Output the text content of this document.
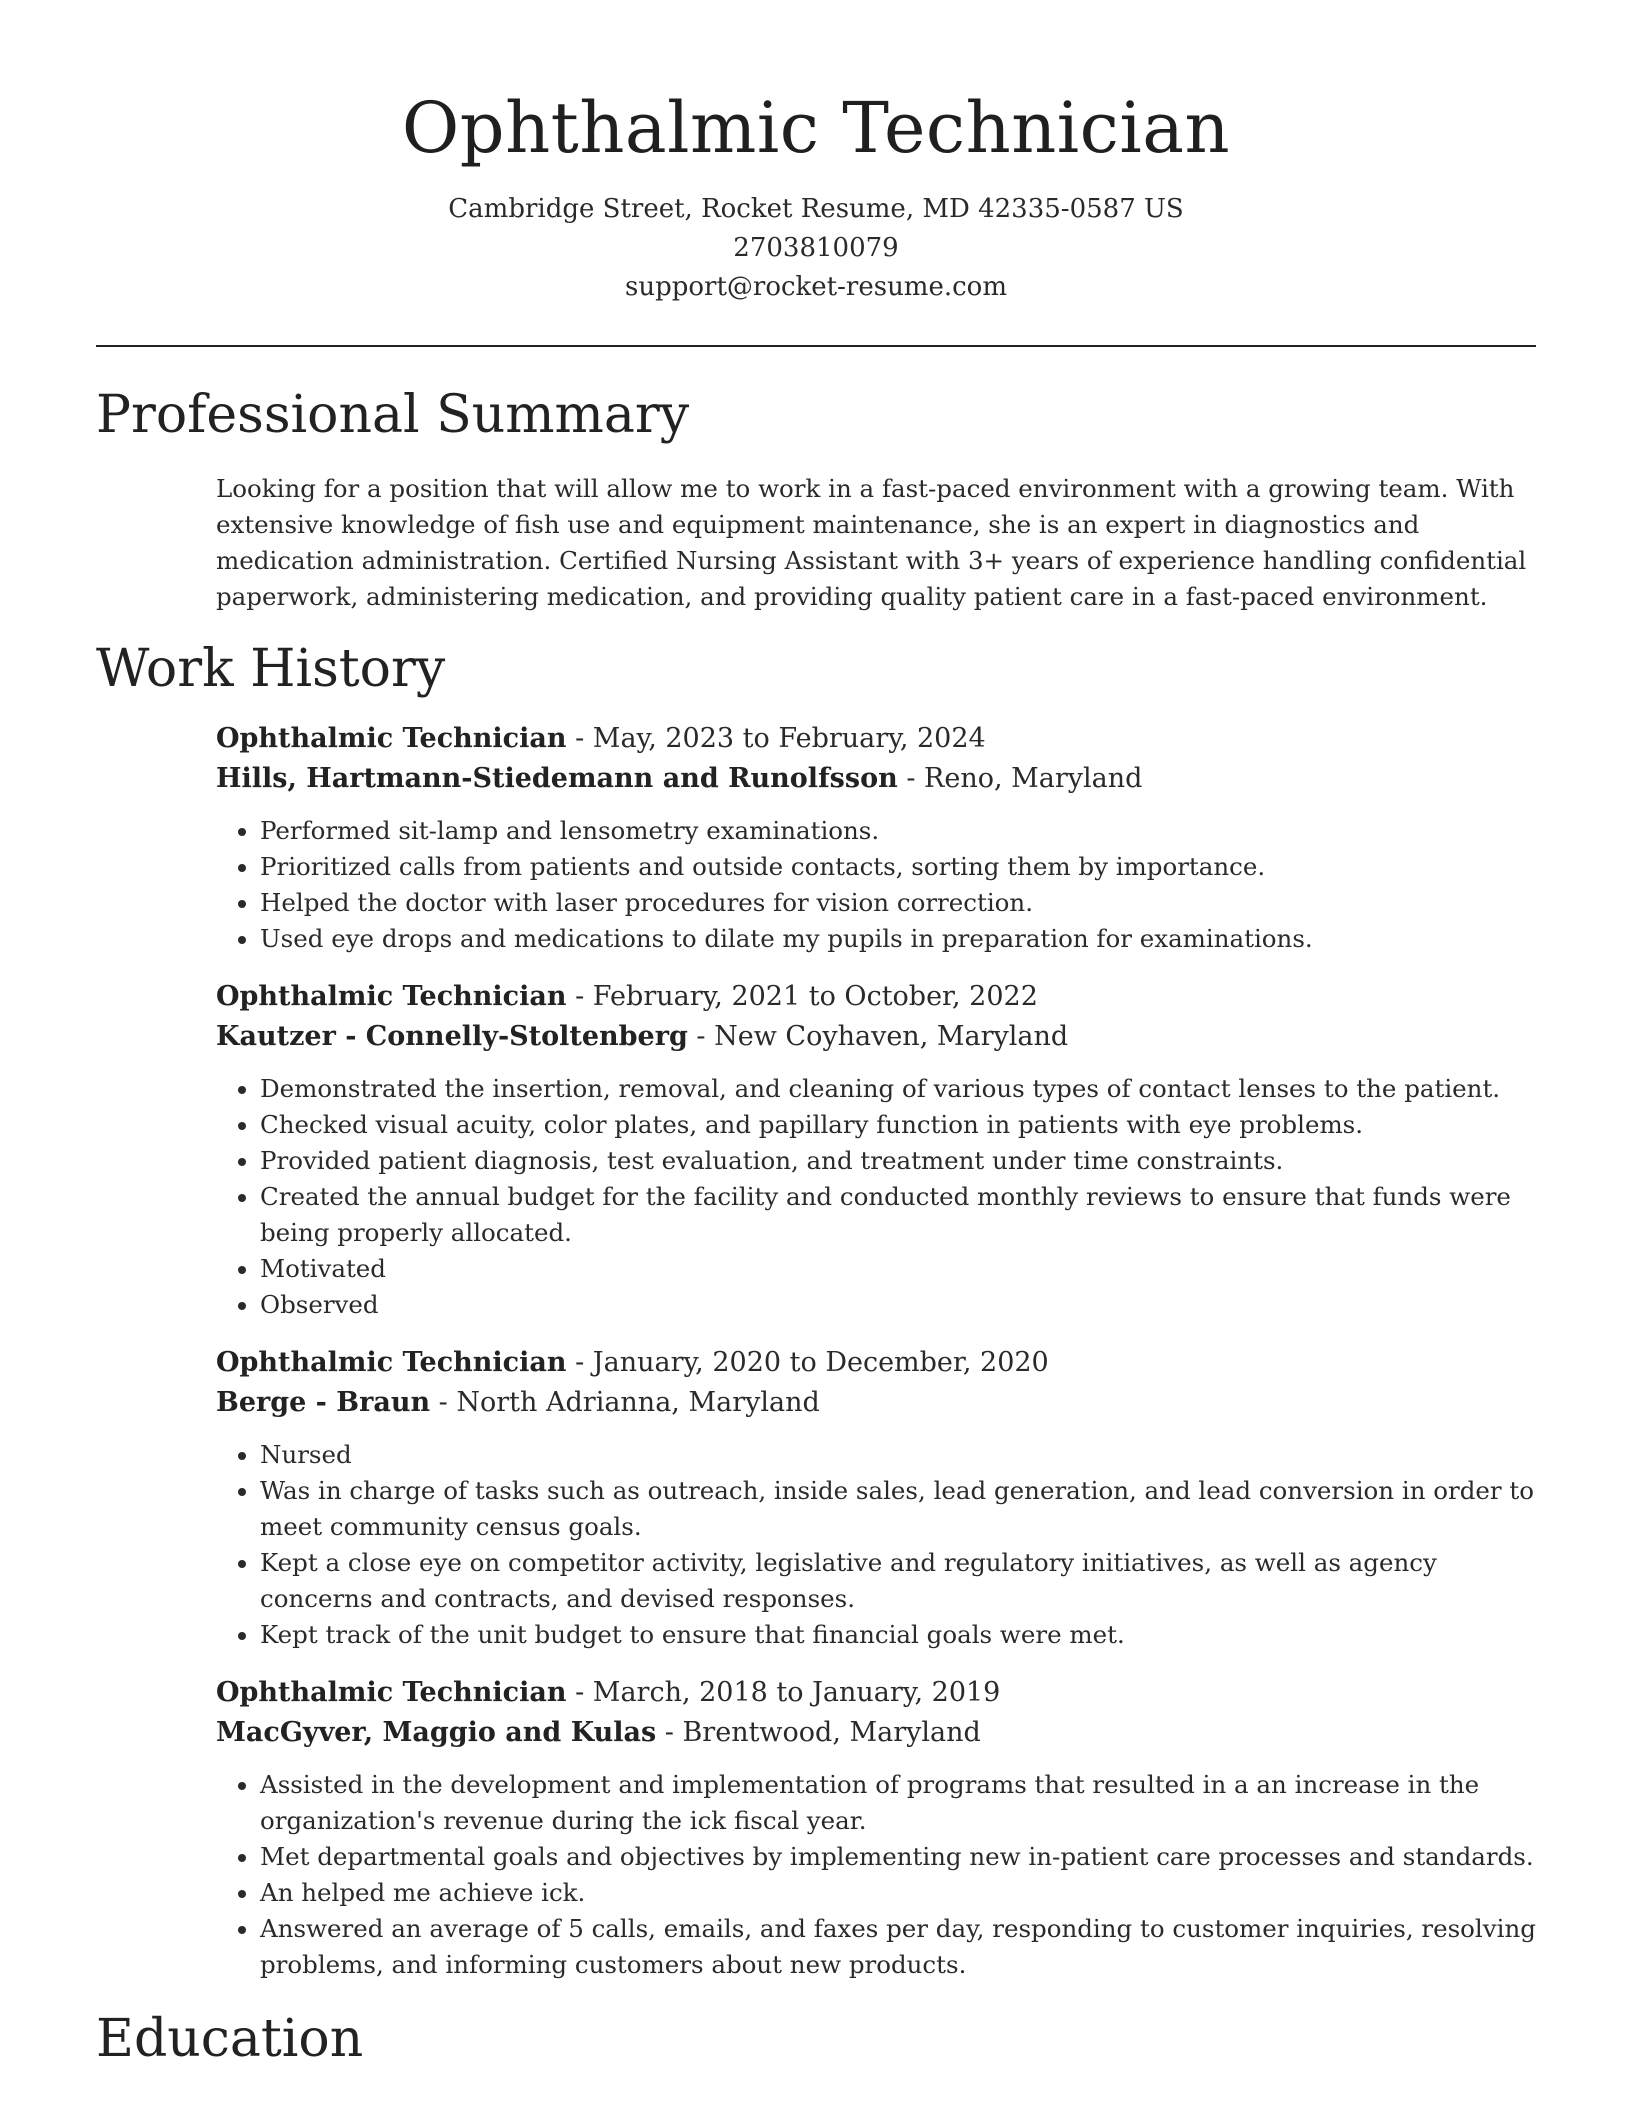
Ophthalmic Technician
Cambridge Street, Rocket Resume, MD 42335-0587 US
2703810079
support@rocket-resume.com
Professional Summary

Looking for a position that will allow me to work in a fast-paced environment with a growing team. With extensive knowledge of fish use and equipment maintenance, she is an expert in diagnostics and medication administration. Certified Nursing Assistant with 3+ years of experience handling confidential paperwork, administering medication, and providing quality patient care in a fast-paced environment.

Work History
Ophthalmic Technician - May, 2023 to February, 2024
Hills, Hartmann-Stiedemann and Runolfsson - Reno, Maryland
• Performed sit-lamp and lensometry examinations.
• Prioritized calls from patients and outside contacts, sorting them by importance.
• Helped the doctor with laser procedures for vision correction.
• Used eye drops and medications to dilate my pupils in preparation for examinations.
Ophthalmic Technician - February, 2021 to October, 2022
Kautzer - Connelly-Stoltenberg - New Coyhaven, Maryland
• Demonstrated the insertion, removal, and cleaning of various types of contact lenses to the patient.
• Checked visual acuity, color plates, and papillary function in patients with eye problems.
• Provided patient diagnosis, test evaluation, and treatment under time constraints.
• Created the annual budget for the facility and conducted monthly reviews to ensure that funds were being properly allocated.
• Motivated
• Observed
Ophthalmic Technician - January, 2020 to December, 2020
Berge - Braun - North Adrianna, Maryland
• Nursed
• Was in charge of tasks such as outreach, inside sales, lead generation, and lead conversion in order to meet community census goals.
• Kept a close eye on competitor activity, legislative and regulatory initiatives, as well as agency concerns and contracts, and devised responses.
• Kept track of the unit budget to ensure that financial goals were met.
Ophthalmic Technician - March, 2018 to January, 2019
MacGyver, Maggio and Kulas - Brentwood, Maryland
• Assisted in the development and implementation of programs that resulted in a an increase in the organization's revenue during the ick fiscal year.
• Met departmental goals and objectives by implementing new in-patient care processes and standards.
• An helped me achieve ick.
• Answered an average of 5 calls, emails, and faxes per day, responding to customer inquiries, resolving problems, and informing customers about new products.
Education
